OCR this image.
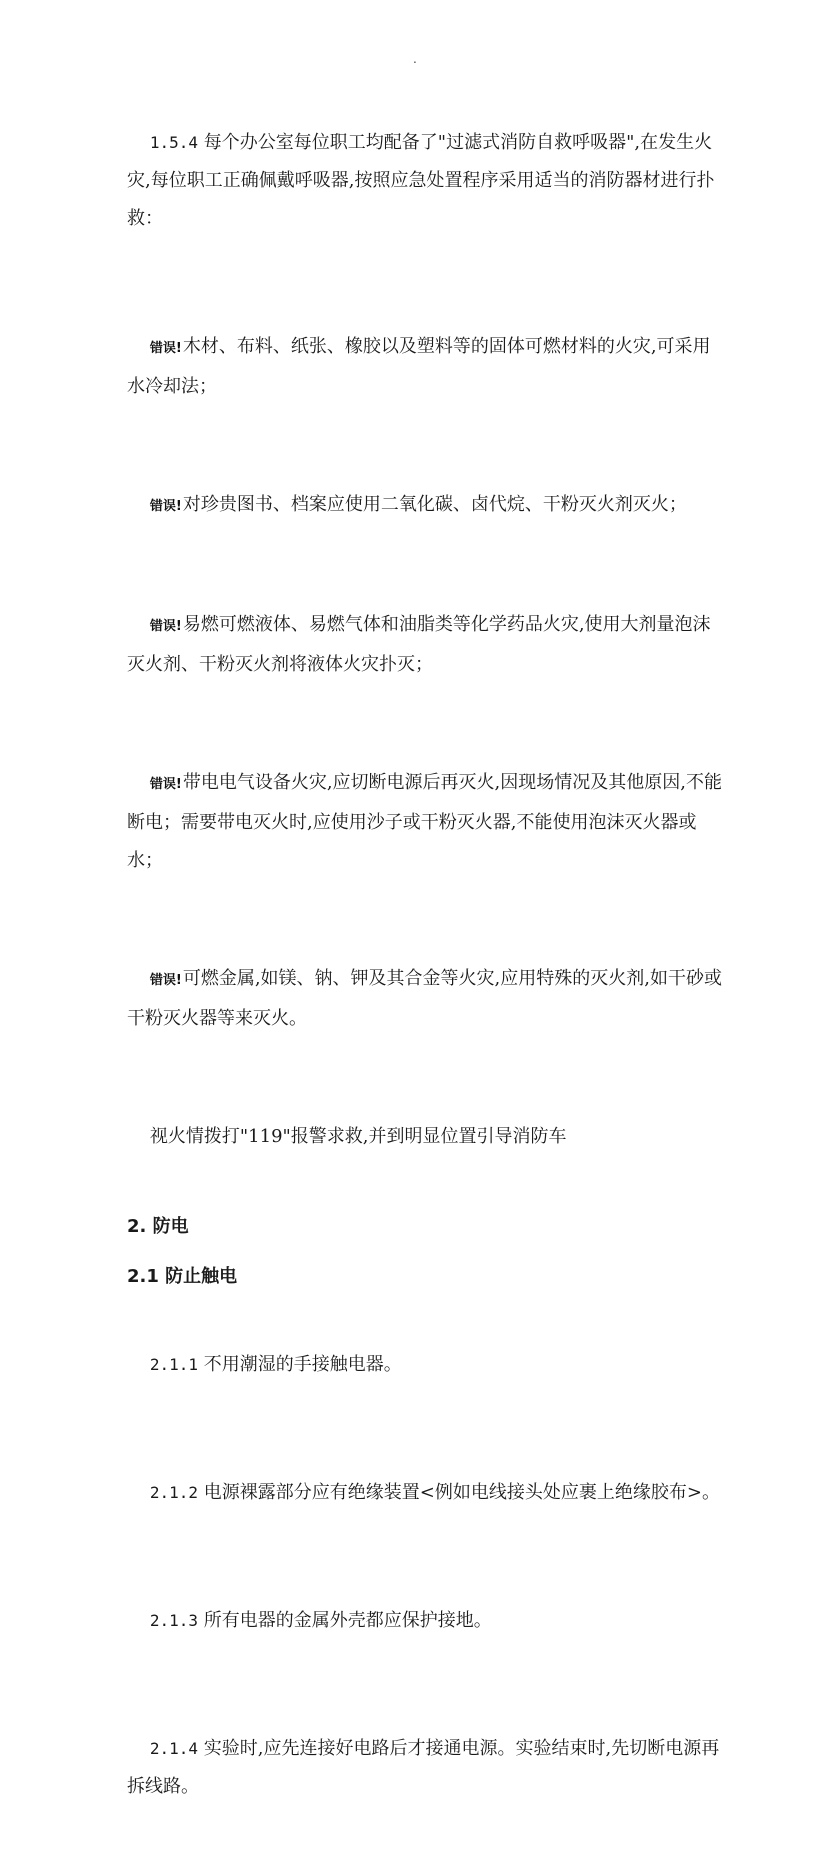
.

1.5.4 每个办公室每位职工均配备了"过滤式消防自救呼吸器",在发生火灾,每位职工正确佩戴呼吸器,按照应急处置程序采用适当的消防器材进行扑救：

错误!木材、布料、纸张、橡胶以及塑料等的固体可燃材料的火灾,可采用水冷却法；

错误!对珍贵图书、档案应使用二氧化碳、卤代烷、干粉灭火剂灭火；

错误!易燃可燃液体、易燃气体和油脂类等化学药品火灾,使用大剂量泡沫灭火剂、干粉灭火剂将液体火灾扑灭；

错误!带电电气设备火灾,应切断电源后再灭火,因现场情况及其他原因,不能断电；需要带电灭火时,应使用沙子或干粉灭火器,不能使用泡沫灭火器或水；

错误!可燃金属,如镁、钠、钾及其合金等火灾,应用特殊的灭火剂,如干砂或干粉灭火器等来灭火。

视火情拨打"119"报警求救,并到明显位置引导消防车

2. 防电
2.1 防止触电

2.1.1 不用潮湿的手接触电器。

2.1.2 电源裸露部分应有绝缘装置<例如电线接头处应裹上绝缘胶布>。

2.1.3 所有电器的金属外壳都应保护接地。

2.1.4 实验时,应先连接好电路后才接通电源。实验结束时,先切断电源再拆线路。
